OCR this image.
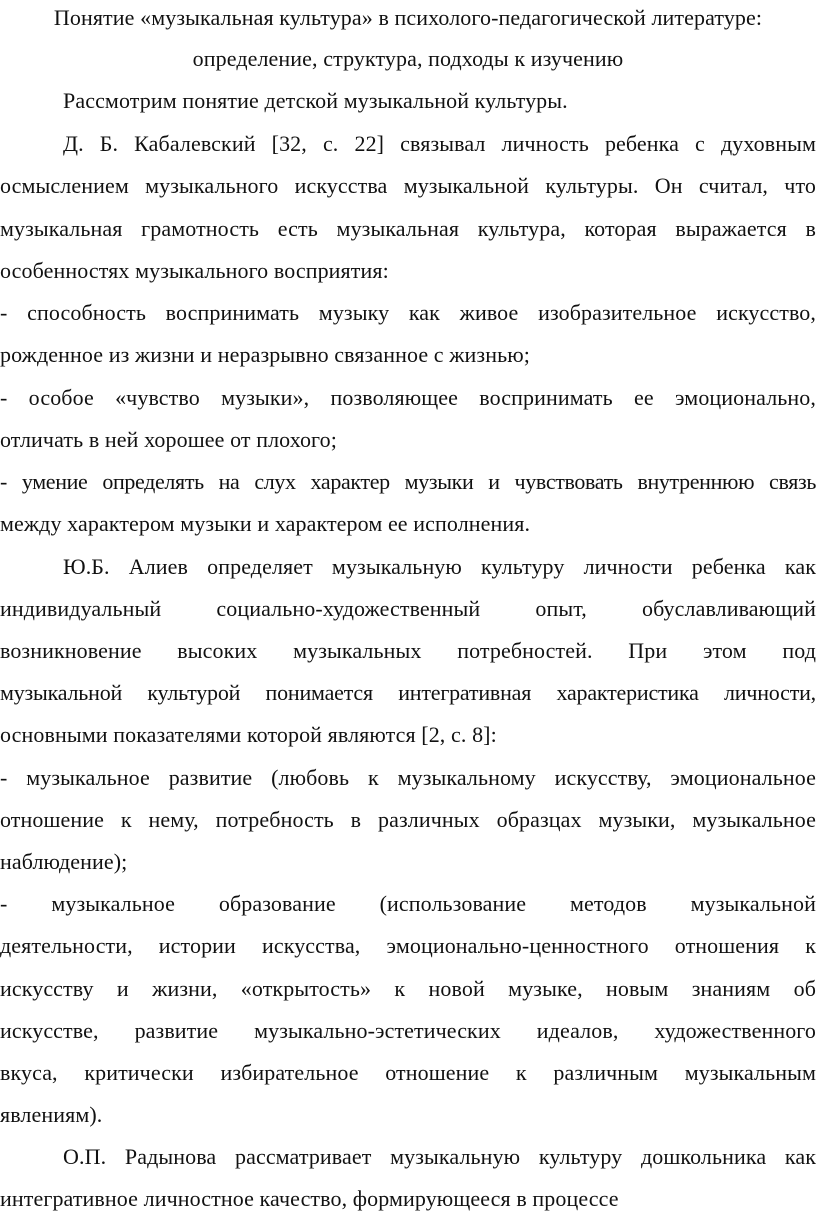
Понятие «музыкальная культура» в психолого-педагогической литературе:
определение, структура, подходы к изучению
Рассмотрим понятие детской музыкальной культуры.
Д. Б. Кабалевский [32, с. 22] связывал личность ребенка с духовным
осмыслением музыкального искусства музыкальной культуры. Он считал, что
музыкальная грамотность есть музыкальная культура, которая выражается в
особенностях музыкального восприятия:
- способность воспринимать музыку как живое изобразительное искусство,
рожденное из жизни и неразрывно связанное с жизнью;
- особое «чувство музыки», позволяющее воспринимать ее эмоционально,
отличать в ней хорошее от плохого;
- умение определять на слух характер музыки и чувствовать внутреннюю связь
между характером музыки и характером ее исполнения.
Ю.Б. Алиев определяет музыкальную культуру личности ребенка как
индивидуальный социально-художественный опыт, обуславливающий
возникновение высоких музыкальных потребностей. При этом под
музыкальной культурой понимается интегративная характеристика личности,
основными показателями которой являются [2, с. 8]:
- музыкальное развитие (любовь к музыкальному искусству, эмоциональное
отношение к нему, потребность в различных образцах музыки, музыкальное
наблюдение);
- музыкальное образование (использование методов музыкальной
деятельности, истории искусства, эмоционально-ценностного отношения к
искусству и жизни, «открытость» к новой музыке, новым знаниям об
искусстве, развитие музыкально-эстетических идеалов, художественного
вкуса, критически избирательное отношение к различным музыкальным
явлениям).
О.П. Радынова рассматривает музыкальную культуру дошкольника как
интегративное личностное качество, формирующееся в процессе
